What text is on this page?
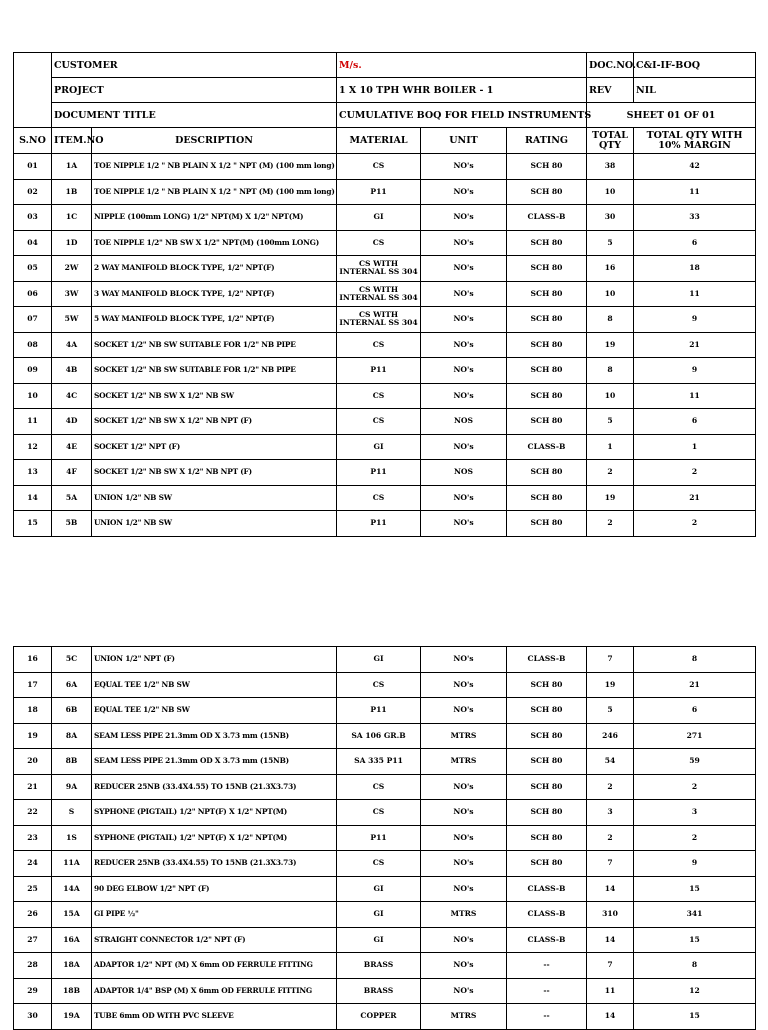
	CUSTOMER		M/s.			DOC.NO.	C&I-IF-BOQ
	PROJECT		1 X 10 TPH WHR BOILER - 1			REV	NIL
	DOCUMENT TITLE		CUMULATIVE BOQ FOR FIELD INSTRUMENTS			SHEET 01 OF 01	
S.NO	ITEM.NO	DESCRIPTION	MATERIAL	UNIT	RATING	TOTAL QTY	TOTAL QTY WITH 10% MARGIN
01	1A	TOE NIPPLE 1/2 " NB PLAIN X 1/2 " NPT (M) (100 mm long)	CS	NO's	SCH 80	38	42
02	1B	TOE NIPPLE 1/2 " NB PLAIN X 1/2 " NPT (M) (100 mm long)	P11	NO's	SCH 80	10	11
03	1C	NIPPLE (100mm LONG) 1/2" NPT(M) X 1/2" NPT(M)	GI	NO's	CLASS-B	30	33
04	1D	TOE NIPPLE 1/2" NB SW X 1/2" NPT(M) (100mm LONG)	CS	NO's	SCH 80	5	6
05	2W	2 WAY MANIFOLD BLOCK TYPE, 1/2" NPT(F)	CS WITH INTERNAL SS 304	NO's	SCH 80	16	18
06	3W	3 WAY MANIFOLD BLOCK TYPE, 1/2" NPT(F)	CS WITH INTERNAL SS 304	NO's	SCH 80	10	11
07	5W	5 WAY MANIFOLD BLOCK TYPE, 1/2" NPT(F)	CS WITH INTERNAL SS 304	NO's	SCH 80	8	9
08	4A	SOCKET 1/2" NB SW SUITABLE FOR 1/2" NB PIPE	CS	NO's	SCH 80	19	21
09	4B	SOCKET 1/2" NB SW SUITABLE FOR 1/2" NB PIPE	P11	NO's	SCH 80	8	9
10	4C	SOCKET 1/2" NB SW X 1/2" NB SW	CS	NO's	SCH 80	10	11
11	4D	SOCKET 1/2" NB SW X 1/2" NB NPT (F)	CS	NOS	SCH 80	5	6
12	4E	SOCKET 1/2" NPT (F)	GI	NO's	CLASS-B	1	1
13	4F	SOCKET 1/2" NB SW X 1/2" NB NPT (F)	P11	NOS	SCH 80	2	2
14	5A	UNION 1/2" NB SW	CS	NO's	SCH 80	19	21
15	5B	UNION 1/2" NB SW	P11	NO's	SCH 80	2	2
16	5C	UNION 1/2" NPT (F)	GI	NO's	CLASS-B	7	8
17	6A	EQUAL TEE 1/2" NB SW	CS	NO's	SCH 80	19	21
18	6B	EQUAL TEE 1/2" NB SW	P11	NO's	SCH 80	5	6
19	8A	SEAM LESS PIPE 21.3mm OD X 3.73 mm (15NB)	SA 106 GR.B	MTRS	SCH 80	246	271
20	8B	SEAM LESS PIPE 21.3mm OD X 3.73 mm (15NB)	SA 335 P11	MTRS	SCH 80	54	59
21	9A	REDUCER 25NB (33.4X4.55) TO 15NB (21.3X3.73)	CS	NO's	SCH 80	2	2
22	S	SYPHONE (PIGTAIL) 1/2" NPT(F) X 1/2" NPT(M)	CS	NO's	SCH 80	3	3
23	1S	SYPHONE (PIGTAIL) 1/2" NPT(F) X 1/2" NPT(M)	P11	NO's	SCH 80	2	2
24	11A	REDUCER 25NB (33.4X4.55) TO 15NB (21.3X3.73)	CS	NO's	SCH 80	7	9
25	14A	90 DEG ELBOW 1/2" NPT (F)	GI	NO's	CLASS-B	14	15
26	15A	GI PIPE ½"	GI	MTRS	CLASS-B	310	341
27	16A	STRAIGHT CONNECTOR 1/2" NPT (F)	GI	NO's	CLASS-B	14	15
28	18A	ADAPTOR 1/2" NPT (M) X 6mm OD FERRULE FITTING	BRASS	NO's	--	7	8
29	18B	ADAPTOR 1/4" BSP (M) X 6mm OD FERRULE FITTING	BRASS	NO's	--	11	12
30	19A	TUBE 6mm OD WITH PVC SLEEVE	COPPER	MTRS	--	14	15
